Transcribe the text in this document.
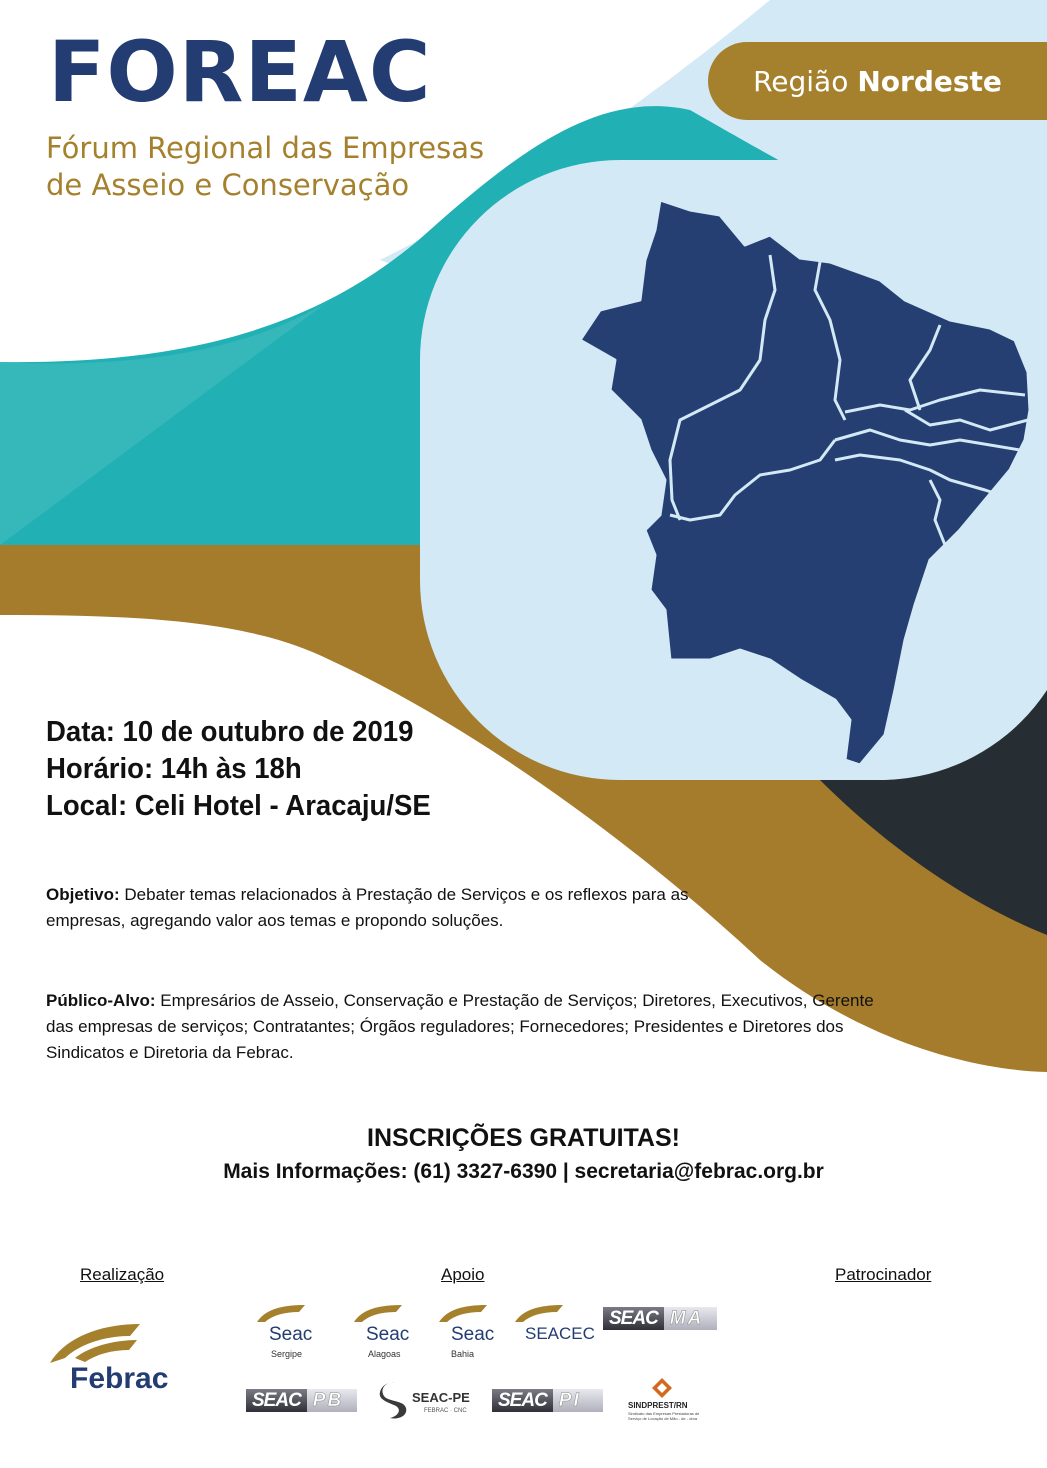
FOREAC
Fórum Regional das Empresas
de Asseio e Conservação
Região Nordeste
Data: 10 de outubro de 2019
Horário: 14h às 18h
Local: Celi Hotel - Aracaju/SE
Objetivo: Debater temas relacionados à Prestação de Serviços e os reflexos para as empresas, agregando valor aos temas e propondo soluções.
Público-Alvo: Empresários de Asseio, Conservação e Prestação de Serviços; Diretores, Executivos, Gerente das empresas de serviços; Contratantes; Órgãos reguladores; Fornecedores; Presidentes e Diretores dos Sindicatos e Diretoria da Febrac.
INSCRIÇÕES GRATUITAS!
Mais Informações: (61) 3327-6390 | secretaria@febrac.org.br
Realização	Apoio	Patrocinador
Febrac
Seac
Sergipe
Seac
Alagoas
Seac
Bahia
SEACEC
SEAC MA
SEAC PB	SEAC-PE
FEBRAC · CNC	SEAC PI	SINDPREST/RN
Sindicato das Empresas Prestadoras de Serviço de Locação de Mão - de - obra
